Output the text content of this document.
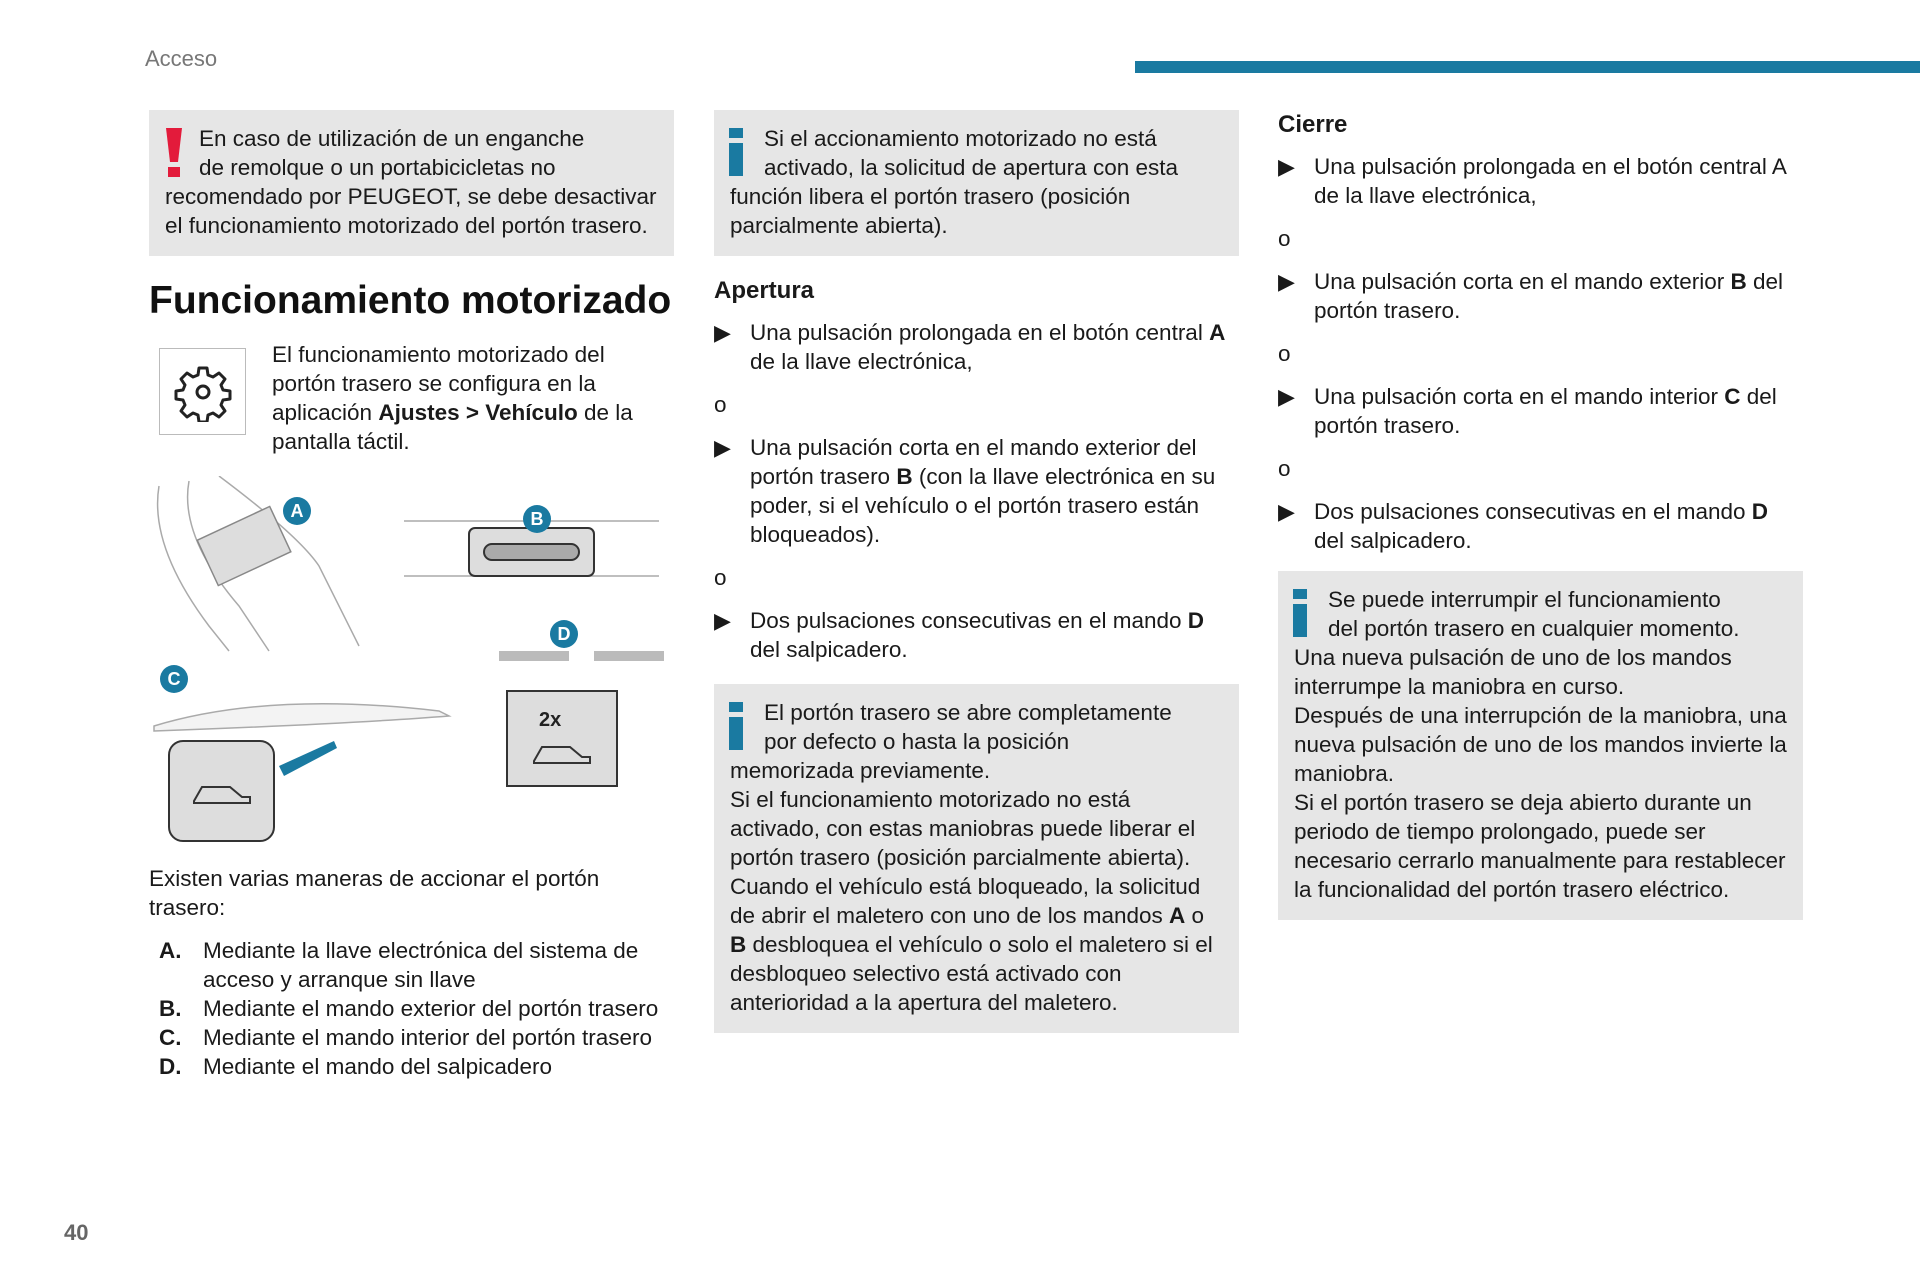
Acceso
40

En caso de utilización de un enganche

de remolque o un portabicicletas no

recomendado por PEUGEOT, se debe desactivar el funcionamiento motorizado del portón trasero.

Funcionamiento motorizado

El funcionamiento motorizado del portón trasero se configura en la aplicación Ajustes > Vehículo de la pantalla táctil.

2x
A	B
C
D

Existen varias maneras de accionar el portón trasero:

A. Mediante la llave electrónica del sistema de acceso y arranque sin llave
B. Mediante el mando exterior del portón trasero
C. Mediante el mando interior del portón trasero
D. Mediante el mando del salpicadero

Si el accionamiento motorizado no está

activado, la solicitud de apertura con esta

función libera el portón trasero (posición parcialmente abierta).

Apertura
▶ Una pulsación prolongada en el botón central A de la llave electrónica,

o

▶ Una pulsación corta en el mando exterior del portón trasero B (con la llave electrónica en su poder, si el vehículo o el portón trasero están bloqueados).

o

▶ Dos pulsaciones consecutivas en el mando D del salpicadero.

El portón trasero se abre completamente

por defecto o hasta la posición

memorizada previamente.

Si el funcionamiento motorizado no está activado, con estas maniobras puede liberar el portón trasero (posición parcialmente abierta).

Cuando el vehículo está bloqueado, la solicitud de abrir el maletero con uno de los mandos A o B desbloquea el vehículo o solo el maletero si el desbloqueo selectivo está activado con anterioridad a la apertura del maletero.

Cierre
▶ Una pulsación prolongada en el botón central A de la llave electrónica,

o

▶ Una pulsación corta en el mando exterior B del portón trasero.

o

▶ Una pulsación corta en el mando interior C del portón trasero.

o

▶ Dos pulsaciones consecutivas en el mando D del salpicadero.

Se puede interrumpir el funcionamiento

del portón trasero en cualquier momento.

Una nueva pulsación de uno de los mandos interrumpe la maniobra en curso.

Después de una interrupción de la maniobra, una nueva pulsación de uno de los mandos invierte la maniobra.

Si el portón trasero se deja abierto durante un periodo de tiempo prolongado, puede ser necesario cerrarlo manualmente para restablecer la funcionalidad del portón trasero eléctrico.
